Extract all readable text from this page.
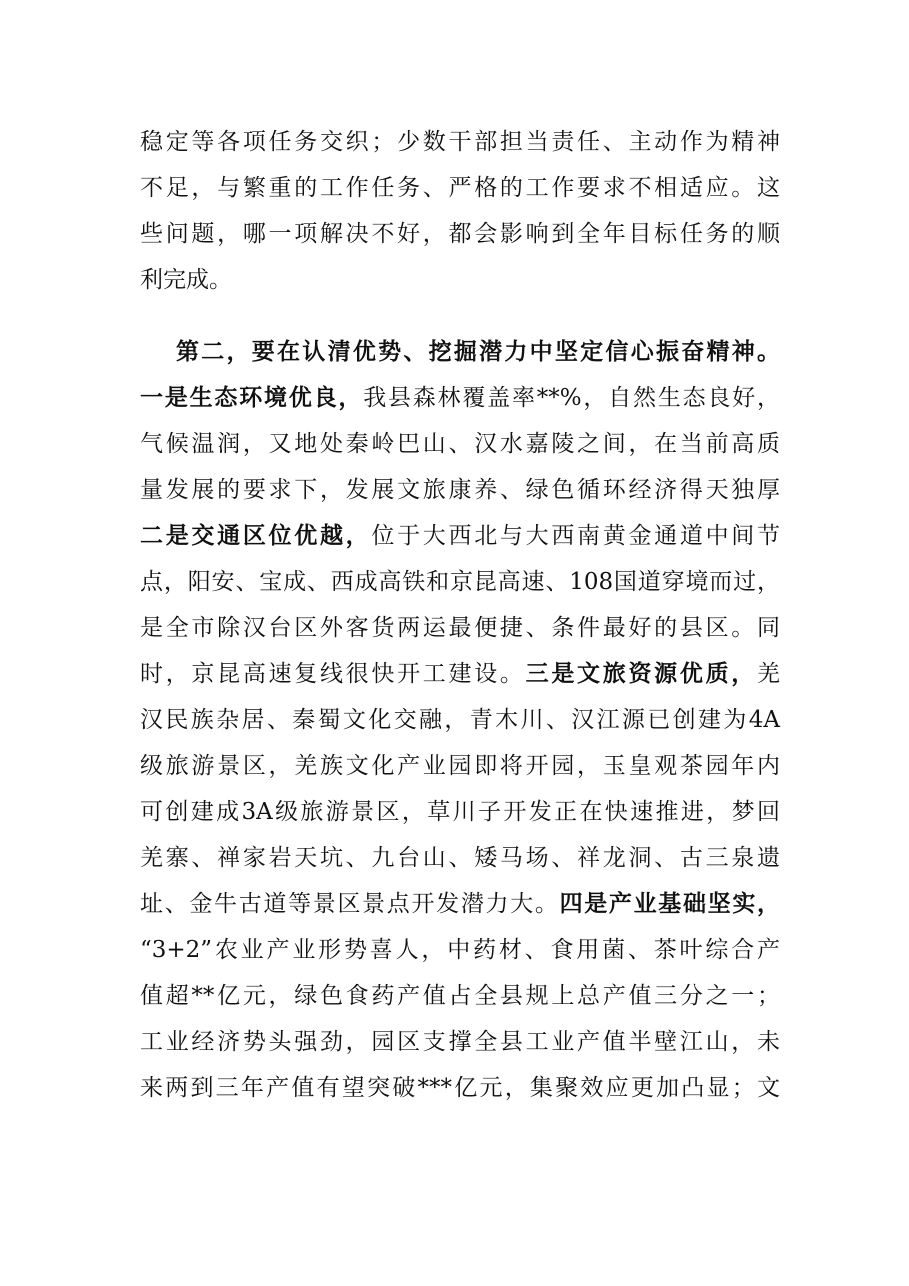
稳定等各项任务交织；少数干部担当责任、主动作为精神
不足，与繁重的工作任务、严格的工作要求不相适应。这
些问题，哪一项解决不好，都会影响到全年目标任务的顺
利完成。
第二，要在认清优势、挖掘潜力中坚定信心振奋精神。
一是生态环境优良，我县森林覆盖率**%，自然生态良好，
气候温润，又地处秦岭巴山、汉水嘉陵之间，在当前高质
量发展的要求下，发展文旅康养、绿色循环经济得天独厚
二是交通区位优越，位于大西北与大西南黄金通道中间节
点，阳安、宝成、西成高铁和京昆高速、108国道穿境而过，
是全市除汉台区外客货两运最便捷、条件最好的县区。同
时，京昆高速复线很快开工建设。三是文旅资源优质，羌
汉民族杂居、秦蜀文化交融，青木川、汉江源已创建为4A
级旅游景区，羌族文化产业园即将开园，玉皇观茶园年内
可创建成3A级旅游景区，草川子开发正在快速推进，梦回
羌寨、禅家岩天坑、九台山、矮马场、祥龙洞、古三泉遗
址、金牛古道等景区景点开发潜力大。四是产业基础坚实，
“3+2”农业产业形势喜人，中药材、食用菌、茶叶综合产
值超**亿元，绿色食药产值占全县规上总产值三分之一；
工业经济势头强劲，园区支撑全县工业产值半壁江山，未
来两到三年产值有望突破***亿元，集聚效应更加凸显；文
